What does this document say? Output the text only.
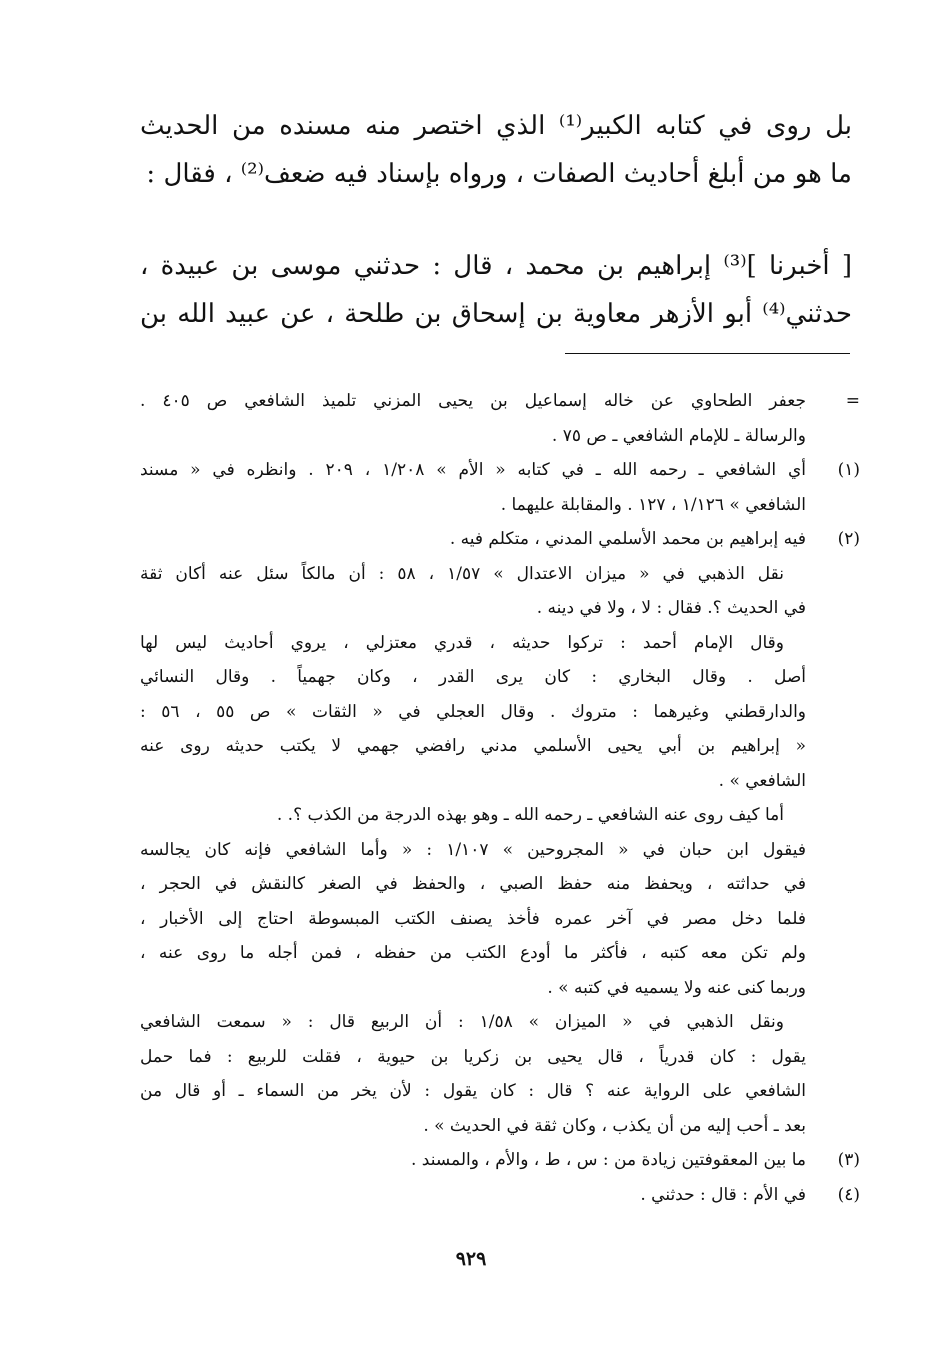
بل روى في كتابه الكبير⁽¹⁾ الذي اختصر منه مسنده من الحديث
ما هو من أبلغ أحاديث الصفات ، ورواه بإسناد فيه ضعف⁽²⁾ ، فقال :
[ أخبرنا ]⁽³⁾ إبراهيم بن محمد ، قال : حدثني موسى بن عبيدة ،
حدثني⁽⁴⁾ أبو الأزهر معاوية بن إسحاق بن طلحة ، عن عبيد الله بن
=
جعفر الطحاوي عن خاله إسماعيل بن يحيى المزني تلميذ الشافعي ص ٤٠٥ .
والرسالة ـ للإمام الشافعي ـ ص ٧٥ .
(١)
أي الشافعي ـ رحمه الله ـ في كتابه « الأم » ١/٢٠٨ ، ٢٠٩ . وانظره في « مسند
الشافعي » ١/١٢٦ ، ١٢٧ . والمقابلة عليهما .
(٢)
فيه إبراهيم بن محمد الأسلمي المدني ، متكلم فيه .
نقل الذهبي في « ميزان الاعتدال » ١/٥٧ ، ٥٨ : أن مالكاً سئل عنه أكان ثقة
في الحديث ؟. فقال : لا ، ولا في دينه .
وقال الإمام أحمد : تركوا حديثه ، قدري معتزلي ، يروي أحاديث ليس لها
أصل . وقال البخاري : كان يرى القدر ، وكان جهمياً . وقال النسائي
والدارقطني وغيرهما : متروك . وقال العجلي في « الثقات » ص ٥٥ ، ٥٦ :
« إبراهيم بن أبي يحيى الأسلمي مدني رافضي جهمي لا يكتب حديثه روى عنه
الشافعي » .
أما كيف روى عنه الشافعي ـ رحمه الله ـ وهو بهذه الدرجة من الكذب ؟. .
فيقول ابن حبان في « المجروحين » ١/١٠٧ : « وأما الشافعي فإنه كان يجالسه
في حداثته ، ويحفظ منه حفظ الصبي ، والحفظ في الصغر كالنقش في الحجر ،
فلما دخل مصر في آخر عمره فأخذ يصنف الكتب المبسوطة احتاج إلى الأخبار ،
ولم تكن معه كتبه ، فأكثر ما أودع الكتب من حفظه ، فمن أجله ما روى عنه ،
وربما كنى عنه ولا يسميه في كتبه » .
ونقل الذهبي في « الميزان » ١/٥٨ : أن الربيع قال : « سمعت الشافعي
يقول : كان قدرياً ، قال يحيى بن زكريا بن حيوية ، فقلت للربيع : فما حمل
الشافعي على الرواية عنه ؟ قال : كان يقول : لأن يخر من السماء ـ أو قال من
بعد ـ أحب إليه من أن يكذب ، وكان ثقة في الحديث » .
(٣)
ما بين المعقوفتين زيادة من : س ، ط ، والأم ، والمسند .
(٤)
في الأم : قال : حدثني .
٩٢٩
